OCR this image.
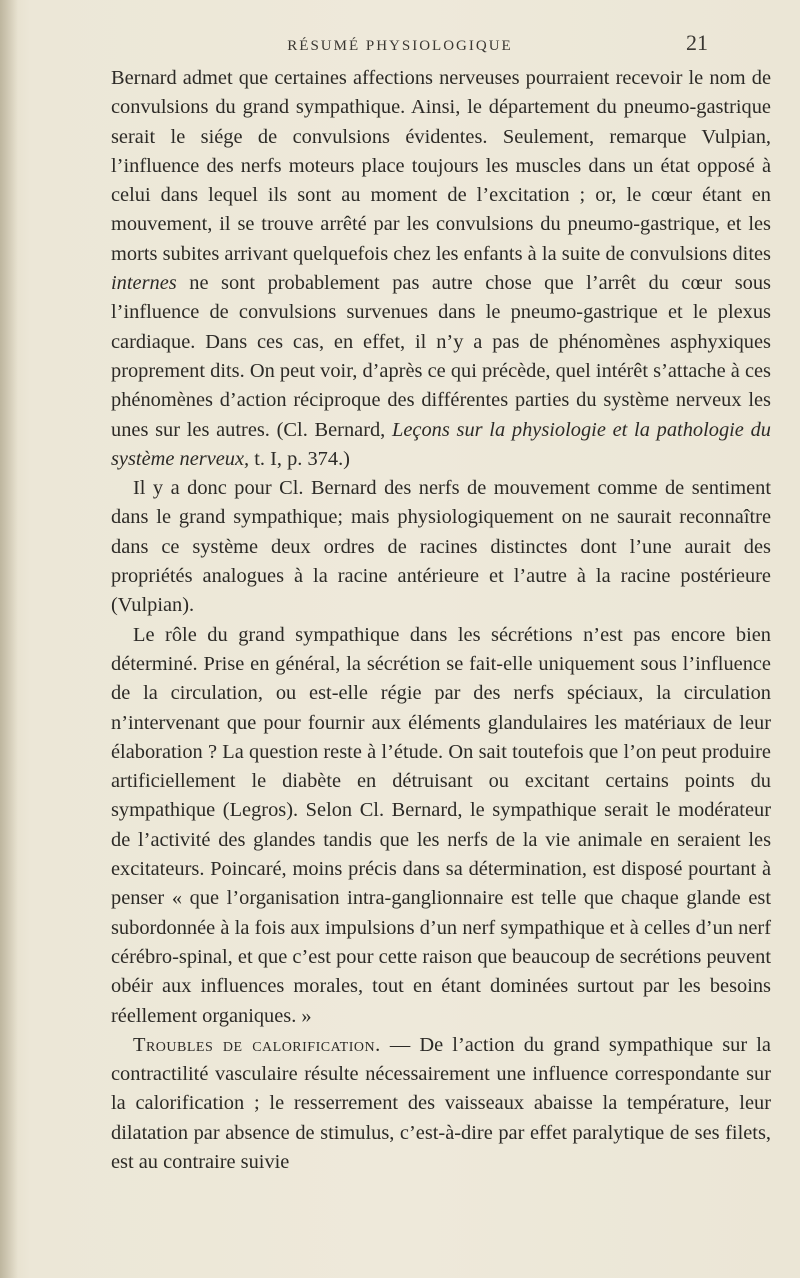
RÉSUMÉ PHYSIOLOGIQUE	21

Bernard admet que certaines affections nerveuses pourraient recevoir le nom de convulsions du grand sympathique. Ainsi, le département du pneumo-gastrique serait le siége de convulsions évidentes. Seulement, remarque Vulpian, l’influence des nerfs moteurs place toujours les muscles dans un état opposé à celui dans lequel ils sont au moment de l’excitation ; or, le cœur étant en mouvement, il se trouve arrêté par les convulsions du pneumo-gastrique, et les morts subites arrivant quelquefois chez les enfants à la suite de convulsions dites internes ne sont probablement pas autre chose que l’arrêt du cœur sous l’influence de convulsions survenues dans le pneumo-gastrique et le plexus cardiaque. Dans ces cas, en effet, il n’y a pas de phénomènes asphyxiques proprement dits. On peut voir, d’après ce qui précède, quel intérêt s’attache à ces phénomènes d’action réciproque des différentes parties du système nerveux les unes sur les autres. (Cl. Bernard, Leçons sur la physiologie et la pathologie du système nerveux, t. I, p. 374.)

Il y a donc pour Cl. Bernard des nerfs de mouvement comme de sentiment dans le grand sympathique; mais physiologiquement on ne saurait reconnaître dans ce système deux ordres de racines distinctes dont l’une aurait des propriétés analogues à la racine antérieure et l’autre à la racine postérieure (Vulpian).

Le rôle du grand sympathique dans les sécrétions n’est pas encore bien déterminé. Prise en général, la sécrétion se fait-elle uniquement sous l’influence de la circulation, ou est-elle régie par des nerfs spéciaux, la circulation n’intervenant que pour fournir aux éléments glandulaires les matériaux de leur élaboration ? La question reste à l’étude. On sait toutefois que l’on peut produire artificiellement le diabète en détruisant ou excitant certains points du sympathique (Legros). Selon Cl. Bernard, le sympathique serait le modérateur de l’activité des glandes tandis que les nerfs de la vie animale en seraient les excitateurs. Poincaré, moins précis dans sa détermination, est disposé pourtant à penser « que l’organisation intra-ganglionnaire est telle que chaque glande est subordonnée à la fois aux impulsions d’un nerf sympathique et à celles d’un nerf cérébro-spinal, et que c’est pour cette raison que beaucoup de secrétions peuvent obéir aux influences morales, tout en étant dominées surtout par les besoins réellement organiques. »

Troubles de calorification. — De l’action du grand sympathique sur la contractilité vasculaire résulte nécessairement une influence correspondante sur la calorification ; le resserrement des vaisseaux abaisse la température, leur dilatation par absence de stimulus, c’est-à-dire par effet paralytique de ses filets, est au contraire suivie
